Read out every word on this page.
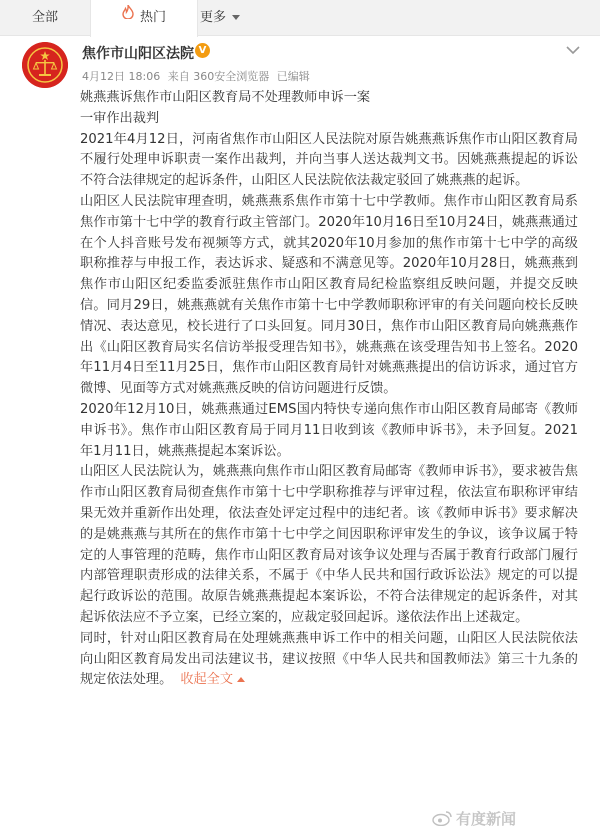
全部	热门	更多
焦作市山阳区法院 V
4月12日 18:06 来自 360安全浏览器 已编辑

姚燕燕诉焦作市山阳区教育局不处理教师申诉一案

一审作出裁判

2021年4月12日，河南省焦作市山阳区人民法院对原告姚燕燕诉焦作市山阳区教育局不履行处理申诉职责一案作出裁判，并向当事人送达裁判文书。因姚燕燕提起的诉讼不符合法律规定的起诉条件，山阳区人民法院依法裁定驳回了姚燕燕的起诉。

山阳区人民法院审理查明，姚燕燕系焦作市第十七中学教师。焦作市山阳区教育局系焦作市第十七中学的教育行政主管部门。2020年10月16日至10月24日，姚燕燕通过在个人抖音账号发布视频等方式，就其2020年10月参加的焦作市第十七中学的高级职称推荐与申报工作，表达诉求、疑惑和不满意见等。2020年10月28日，姚燕燕到焦作市山阳区纪委监委派驻焦作市山阳区教育局纪检监察组反映问题，并提交反映信。同月29日，姚燕燕就有关焦作市第十七中学教师职称评审的有关问题向校长反映情况、表达意见，校长进行了口头回复。同月30日，焦作市山阳区教育局向姚燕燕作出《山阳区教育局实名信访举报受理告知书》，姚燕燕在该受理告知书上签名。2020年11月4日至11月25日，焦作市山阳区教育局针对姚燕燕提出的信访诉求，通过官方微博、见面等方式对姚燕燕反映的信访问题进行反馈。

2020年12月10日，姚燕燕通过EMS国内特快专递向焦作市山阳区教育局邮寄《教师申诉书》。焦作市山阳区教育局于同月11日收到该《教师申诉书》，未予回复。2021年1月11日，姚燕燕提起本案诉讼。

山阳区人民法院认为，姚燕燕向焦作市山阳区教育局邮寄《教师申诉书》，要求被告焦作市山阳区教育局彻查焦作市第十七中学职称推荐与评审过程，依法宣布职称评审结果无效并重新作出处理，依法查处评定过程中的违纪者。该《教师申诉书》要求解决的是姚燕燕与其所在的焦作市第十七中学之间因职称评审发生的争议，该争议属于特定的人事管理的范畴，焦作市山阳区教育局对该争议处理与否属于教育行政部门履行内部管理职责形成的法律关系，不属于《中华人民共和国行政诉讼法》规定的可以提起行政诉讼的范围。故原告姚燕燕提起本案诉讼，不符合法律规定的起诉条件，对其起诉依法应不予立案，已经立案的，应裁定驳回起诉。遂依法作出上述裁定。

同时，针对山阳区教育局在处理姚燕燕申诉工作中的相关问题，山阳区人民法院依法向山阳区教育局发出司法建议书，建议按照《中华人民共和国教师法》第三十九条的规定依法处理。 收起全文

有度新闻
